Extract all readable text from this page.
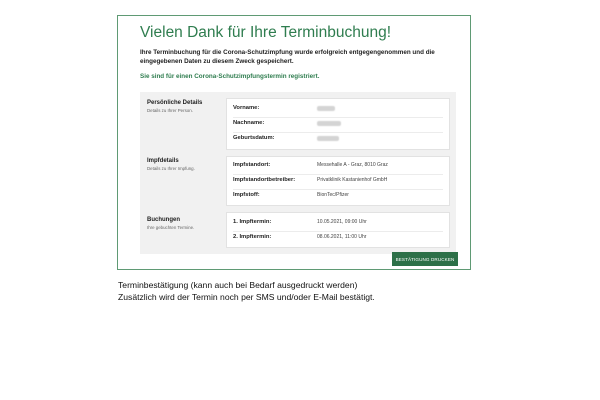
Vielen Dank für Ihre Terminbuchung!
Ihre Terminbuchung für die Corona-Schutzimpfung wurde erfolgreich entgegengenommen und die eingegebenen Daten zu diesem Zweck gespeichert.
Sie sind für einen Corona-Schutzimpfungstermin registriert.
Persönliche Details
Details zu Ihrer Person.	Vorname:
Nachname:
Geburtsdatum:
Impfdetails
Details zu Ihrer Impfung.
Impfstandort:	Messehalle A - Graz, 8010 Graz
Impfstandortbetreiber:	Privatklinik Kastanienhof GmbH
Impfstoff:	BionTec/Pfizer
Buchungen
Ihre gebuchten Termine.
1. Impftermin:	10.05.2021, 09:00 Uhr
2. Impftermin:	08.06.2021, 11:00 Uhr
BESTÄTIGUNG DRUCKEN
Terminbestätigung (kann auch bei Bedarf ausgedruckt werden)
Zusätzlich wird der Termin noch per SMS und/oder E-Mail bestätigt.
